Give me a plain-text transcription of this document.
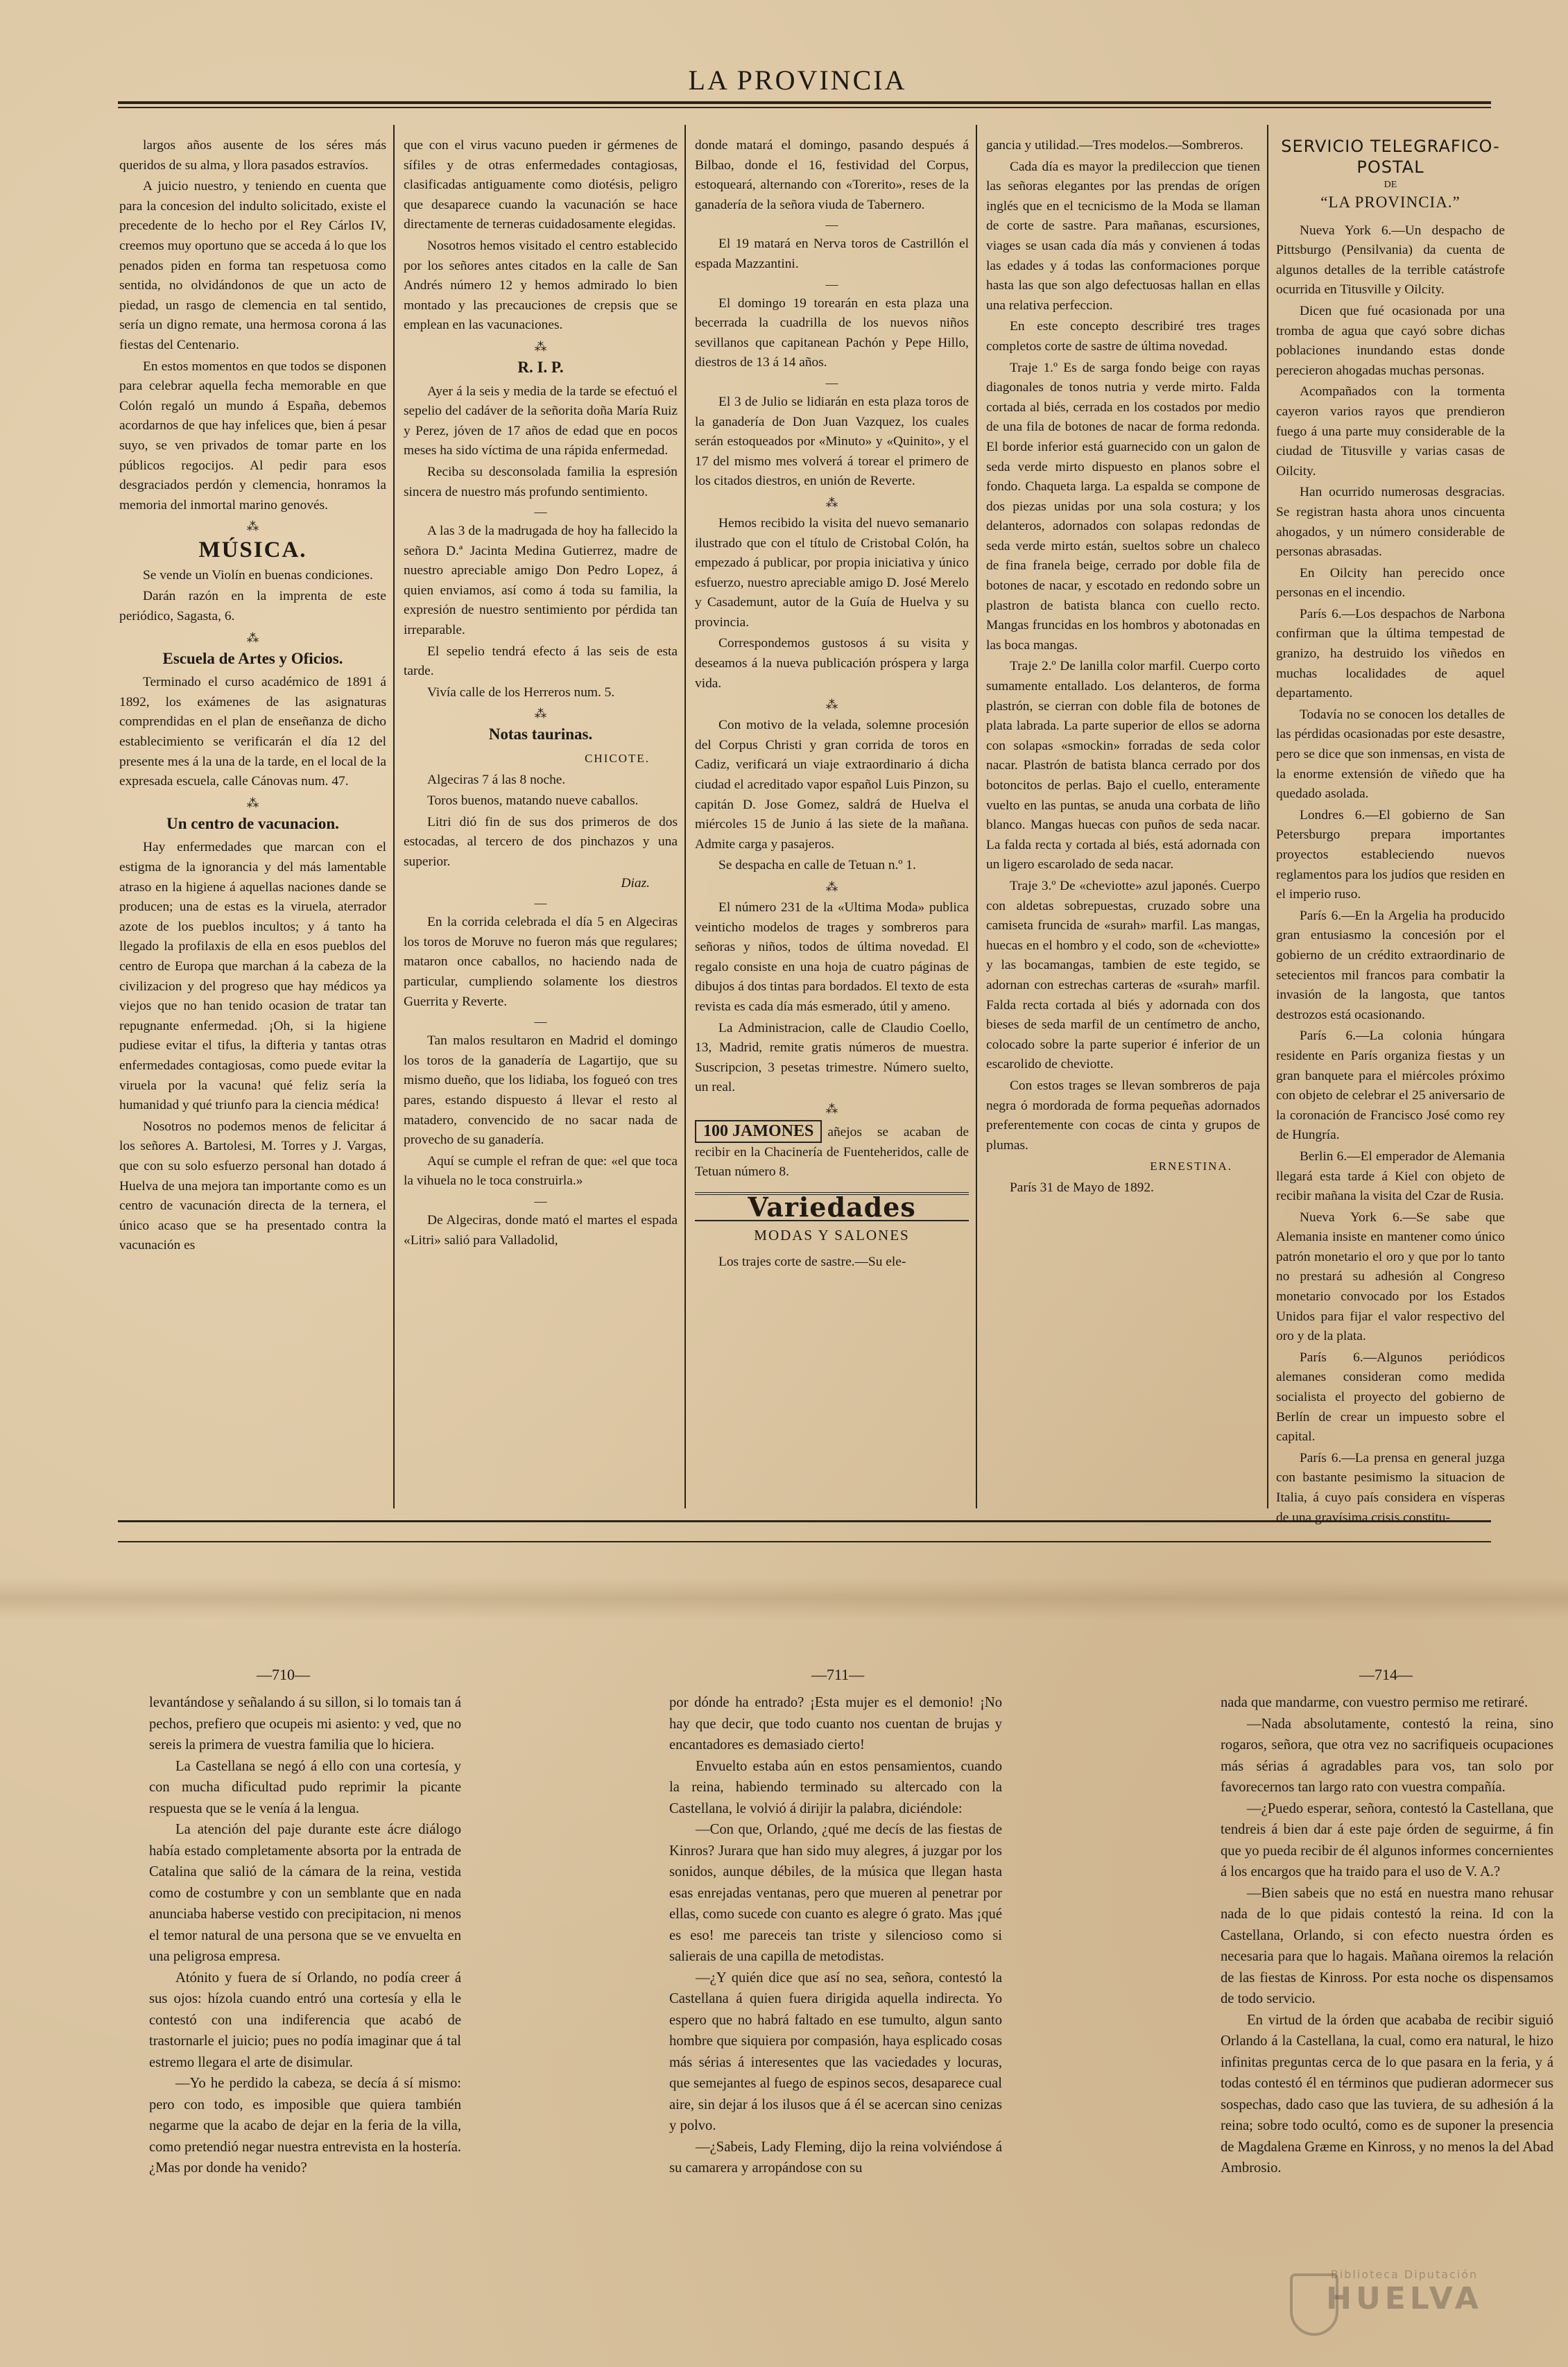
LA PROVINCIA

largos años ausente de los séres más queridos de su alma, y llora pasados estravíos.

A juicio nuestro, y teniendo en cuenta que para la concesion del indulto solicitado, existe el precedente de lo hecho por el Rey Cárlos IV, creemos muy oportuno que se acceda á lo que los penados piden en forma tan respetuosa como sentida, no olvidándonos de que un acto de piedad, un rasgo de clemencia en tal sentido, sería un digno remate, una hermosa corona á las fiestas del Centenario.

En estos momentos en que todos se disponen para celebrar aquella fecha memorable en que Colón regaló un mundo á España, debemos acordarnos de que hay infelices que, bien á pesar suyo, se ven privados de tomar parte en los públicos regocijos. Al pedir para esos desgraciados perdón y clemencia, honramos la memoria del inmortal marino genovés.

⁂

MÚSICA.

Se vende un Violín en buenas condiciones.

Darán razón en la imprenta de este periódico, Sagasta, 6.

⁂

Escuela de Artes y Oficios.

Terminado el curso académico de 1891 á 1892, los exámenes de las asignaturas comprendidas en el plan de enseñanza de dicho establecimiento se verificarán el día 12 del presente mes á la una de la tarde, en el local de la expresada escuela, calle Cánovas num. 47.

⁂

Un centro de vacunacion.

Hay enfermedades que marcan con el estigma de la ignorancia y del más lamentable atraso en la higiene á aquellas naciones dande se producen; una de estas es la viruela, aterrador azote de los pueblos incultos; y á tanto ha llegado la profilaxis de ella en esos pueblos del centro de Europa que marchan á la cabeza de la civilizacion y del progreso que hay médicos ya viejos que no han tenido ocasion de tratar tan repugnante enfermedad. ¡Oh, si la higiene pudiese evitar el tifus, la difteria y tantas otras enfermedades contagiosas, como puede evitar la viruela por la vacuna! qué feliz sería la humanidad y qué triunfo para la ciencia médica!

Nosotros no podemos menos de felicitar á los señores A. Bartolesi, M. Torres y J. Vargas, que con su solo esfuerzo personal han dotado á Huelva de una mejora tan importante como es un centro de vacunación directa de la ternera, el único acaso que se ha presentado contra la vacunación es

que con el virus vacuno pueden ir gérmenes de sífiles y de otras enfermedades contagiosas, clasificadas antiguamente como diotésis, peligro que desaparece cuando la vacunación se hace directamente de terneras cuidadosamente elegidas.

Nosotros hemos visitado el centro establecido por los señores antes citados en la calle de San Andrés número 12 y hemos admirado lo bien montado y las precauciones de crepsis que se emplean en las vacunaciones.

⁂

R. I. P.

Ayer á la seis y media de la tarde se efectuó el sepelio del cadáver de la señorita doña María Ruiz y Perez, jóven de 17 años de edad que en pocos meses ha sido víctima de una rápida enfermedad.

Reciba su desconsolada familia la espresión sincera de nuestro más profundo sentimiento.

—

A las 3 de la madrugada de hoy ha fallecido la señora D.ª Jacinta Medina Gutierrez, madre de nuestro apreciable amigo Don Pedro Lopez, á quien enviamos, así como á toda su familia, la expresión de nuestro sentimiento por pérdida tan irreparable.

El sepelio tendrá efecto á las seis de esta tarde.

Vivía calle de los Herreros num. 5.

⁂

Notas taurinas.

CHICOTE.

Algeciras 7 á las 8 noche.

Toros buenos, matando nueve caballos.

Litri dió fin de sus dos primeros de dos estocadas, al tercero de dos pinchazos y una superior.

Diaz.

—

En la corrida celebrada el día 5 en Algeciras los toros de Moruve no fueron más que regulares; mataron once caballos, no haciendo nada de particular, cumpliendo solamente los diestros Guerrita y Reverte.

—

Tan malos resultaron en Madrid el domingo los toros de la ganadería de Lagartijo, que su mismo dueño, que los lidiaba, los fogueó con tres pares, estando dispuesto á llevar el resto al matadero, convencido de no sacar nada de provecho de su ganadería.

Aquí se cumple el refran de que: «el que toca la vihuela no le toca construirla.»

—

De Algeciras, donde mató el martes el espada «Litri» salió para Valladolid,

donde matará el domingo, pasando después á Bilbao, donde el 16, festividad del Corpus, estoqueará, alternando con «Torerito», reses de la ganadería de la señora viuda de Tabernero.

—

El 19 matará en Nerva toros de Castrillón el espada Mazzantini.

—

El domingo 19 torearán en esta plaza una becerrada la cuadrilla de los nuevos niños sevillanos que capitanean Pachón y Pepe Hillo, diestros de 13 á 14 años.

—

El 3 de Julio se lidiarán en esta plaza toros de la ganadería de Don Juan Vazquez, los cuales serán estoqueados por «Minuto» y «Quinito», y el 17 del mismo mes volverá á torear el primero de los citados diestros, en unión de Reverte.

⁂

Hemos recibido la visita del nuevo semanario ilustrado que con el título de Cristobal Colón, ha empezado á publicar, por propia iniciativa y único esfuerzo, nuestro apreciable amigo D. José Merelo y Casademunt, autor de la Guía de Huelva y su provincia.

Correspondemos gustosos á su visita y deseamos á la nueva publicación próspera y larga vida.

⁂

Con motivo de la velada, solemne procesión del Corpus Christi y gran corrida de toros en Cadiz, verificará un viaje extraordinario á dicha ciudad el acreditado vapor español Luis Pinzon, su capitán D. Jose Gomez, saldrá de Huelva el miércoles 15 de Junio á las siete de la mañana. Admite carga y pasajeros.

Se despacha en calle de Tetuan n.º 1.

⁂

El número 231 de la «Ultima Moda» publica veinticho modelos de trages y sombreros para señoras y niños, todos de última novedad. El regalo consiste en una hoja de cuatro páginas de dibujos á dos tintas para bordados. El texto de esta revista es cada día más esmerado, útil y ameno.

La Administracion, calle de Claudio Coello, 13, Madrid, remite gratis números de muestra. Suscripcion, 3 pesetas trimestre. Número suelto, un real.

⁂

100 JAMONES añejos se acaban de recibir en la Chacinería de Fuenteheridos, calle de Tetuan número 8.

Variedades

MODAS Y SALONES

Los trajes corte de sastre.—Su ele-

gancia y utilidad.—Tres modelos.—Sombreros.

Cada día es mayor la predileccion que tienen las señoras elegantes por las prendas de orígen inglés que en el tecnicismo de la Moda se llaman de corte de sastre. Para mañanas, escursiones, viages se usan cada día más y convienen á todas las edades y á todas las conformaciones porque hasta las que son algo defectuosas hallan en ellas una relativa perfeccion.

En este concepto describiré tres trages completos corte de sastre de última novedad.

Traje 1.º Es de sarga fondo beige con rayas diagonales de tonos nutria y verde mirto. Falda cortada al biés, cerrada en los costados por medio de una fila de botones de nacar de forma redonda. El borde inferior está guarnecido con un galon de seda verde mirto dispuesto en planos sobre el fondo. Chaqueta larga. La espalda se compone de dos piezas unidas por una sola costura; y los delanteros, adornados con solapas redondas de seda verde mirto están, sueltos sobre un chaleco de fina franela beige, cerrado por doble fila de botones de nacar, y escotado en redondo sobre un plastron de batista blanca con cuello recto. Mangas fruncidas en los hombros y abotonadas en las boca mangas.

Traje 2.º De lanilla color marfil. Cuerpo corto sumamente entallado. Los delanteros, de forma plastrón, se cierran con doble fila de botones de plata labrada. La parte superior de ellos se adorna con solapas «smockin» forradas de seda color nacar. Plastrón de batista blanca cerrado por dos botoncitos de perlas. Bajo el cuello, enteramente vuelto en las puntas, se anuda una corbata de liño blanco. Mangas huecas con puños de seda nacar. La falda recta y cortada al biés, está adornada con un ligero escarolado de seda nacar.

Traje 3.º De «cheviotte» azul japonés. Cuerpo con aldetas sobrepuestas, cruzado sobre una camiseta fruncida de «surah» marfil. Las mangas, huecas en el hombro y el codo, son de «cheviotte» y las bocamangas, tambien de este tegido, se adornan con estrechas carteras de «surah» marfil. Falda recta cortada al biés y adornada con dos bieses de seda marfil de un centímetro de ancho, colocado sobre la parte superior é inferior de un escarolido de cheviotte.

Con estos trages se llevan sombreros de paja negra ó mordorada de forma pequeñas adornados preferentemente con cocas de cinta y grupos de plumas.

ERNESTINA.

París 31 de Mayo de 1892.

SERVICIO TELEGRAFICO-POSTAL

DE

“LA PROVINCIA.”

Nueva York 6.—Un despacho de Pittsburgo (Pensilvania) da cuenta de algunos detalles de la terrible catástrofe ocurrida en Titusville y Oilcity.

Dicen que fué ocasionada por una tromba de agua que cayó sobre dichas poblaciones inundando estas donde perecieron ahogadas muchas personas.

Acompañados con la tormenta cayeron varios rayos que prendieron fuego á una parte muy considerable de la ciudad de Titusville y varias casas de Oilcity.

Han ocurrido numerosas desgracias. Se registran hasta ahora unos cincuenta ahogados, y un número considerable de personas abrasadas.

En Oilcity han perecido once personas en el incendio.

París 6.—Los despachos de Narbona confirman que la última tempestad de granizo, ha destruido los viñedos en muchas localidades de aquel departamento.

Todavía no se conocen los detalles de las pérdidas ocasionadas por este desastre, pero se dice que son inmensas, en vista de la enorme extensión de viñedo que ha quedado asolada.

Londres 6.—El gobierno de San Petersburgo prepara importantes proyectos estableciendo nuevos reglamentos para los judíos que residen en el imperio ruso.

París 6.—En la Argelia ha producido gran entusiasmo la concesión por el gobierno de un crédito extraordinario de setecientos mil francos para combatir la invasión de la langosta, que tantos destrozos está ocasionando.

París 6.—La colonia húngara residente en París organiza fiestas y un gran banquete para el miércoles próximo con objeto de celebrar el 25 aniversario de la coronación de Francisco José como rey de Hungría.

Berlin 6.—El emperador de Alemania llegará esta tarde á Kiel con objeto de recibir mañana la visita del Czar de Rusia.

Nueva York 6.—Se sabe que Alemania insiste en mantener como único patrón monetario el oro y que por lo tanto no prestará su adhesión al Congreso monetario convocado por los Estados Unidos para fijar el valor respectivo del oro y de la plata.

París 6.—Algunos periódicos alemanes consideran como medida socialista el proyecto del gobierno de Berlín de crear un impuesto sobre el capital.

París 6.—La prensa en general juzga con bastante pesimismo la situacion de Italia, á cuyo país considera en vísperas de una gravísima crisis constitu-

—710—	—711—	—714—

levantándose y señalando á su sillon, si lo tomais tan á pechos, prefiero que ocupeis mi asiento: y ved, que no sereis la primera de vuestra familia que lo hiciera.

La Castellana se negó á ello con una cortesía, y con mucha dificultad pudo reprimir la picante respuesta que se le venía á la lengua.

La atención del paje durante este ácre diálogo había estado completamente absorta por la entrada de Catalina que salió de la cámara de la reina, vestida como de costumbre y con un semblante que en nada anunciaba haberse vestido con precipitacion, ni menos el temor natural de una persona que se ve envuelta en una peligrosa empresa.

Atónito y fuera de sí Orlando, no podía creer á sus ojos: hízola cuando entró una cortesía y ella le contestó con una indiferencia que acabó de trastornarle el juicio; pues no podía imaginar que á tal estremo llegara el arte de disimular.

—Yo he perdido la cabeza, se decía á sí mismo: pero con todo, es imposible que quiera también negarme que la acabo de dejar en la feria de la villa, como pretendió negar nuestra entrevista en la hostería. ¿Mas por donde ha venido?

por dónde ha entrado? ¡Esta mujer es el demonio! ¡No hay que decir, que todo cuanto nos cuentan de brujas y encantadores es demasiado cierto!

Envuelto estaba aún en estos pensamientos, cuando la reina, habiendo terminado su altercado con la Castellana, le volvió á dirijir la palabra, diciéndole:

—Con que, Orlando, ¿qué me decís de las fiestas de Kinros? Jurara que han sido muy alegres, á juzgar por los sonidos, aunque débiles, de la música que llegan hasta esas enrejadas ventanas, pero que mueren al penetrar por ellas, como sucede con cuanto es alegre ó grato. Mas ¡qué es eso! me pareceis tan triste y silencioso como si salierais de una capilla de metodistas.

—¿Y quién dice que así no sea, señora, contestó la Castellana á quien fuera dirigida aquella indirecta. Yo espero que no habrá faltado en ese tumulto, algun santo hombre que siquiera por compasión, haya esplicado cosas más sérias á interesentes que las vaciedades y locuras, que semejantes al fuego de espinos secos, desaparece cual aire, sin dejar á los ilusos que á él se acercan sino cenizas y polvo.

—¿Sabeis, Lady Fleming, dijo la reina volviéndose á su camarera y arropándose con su

nada que mandarme, con vuestro permiso me retiraré.

—Nada absolutamente, contestó la reina, sino rogaros, señora, que otra vez no sacrifiqueis ocupaciones más sérias á agradables para vos, tan solo por favorecernos tan largo rato con vuestra compañía.

—¿Puedo esperar, señora, contestó la Castellana, que tendreis á bien dar á este paje órden de seguirme, á fin que yo pueda recibir de él algunos informes concernientes á los encargos que ha traido para el uso de V. A.?

—Bien sabeis que no está en nuestra mano rehusar nada de lo que pidais contestó la reina. Id con la Castellana, Orlando, si con efecto nuestra órden es necesaria para que lo hagais. Mañana oiremos la relación de las fiestas de Kinross. Por esta noche os dispensamos de todo servicio.

En virtud de la órden que acababa de recibir siguió Orlando á la Castellana, la cual, como era natural, le hizo infinitas preguntas cerca de lo que pasara en la feria, y á todas contestó él en términos que pudieran adormecer sus sospechas, dado caso que las tuviera, de su adhesión á la reina; sobre todo ocultó, como es de suponer la presencia de Magdalena Græme en Kinross, y no menos la del Abad Ambrosio.

Biblioteca Diputación
HUELVA
